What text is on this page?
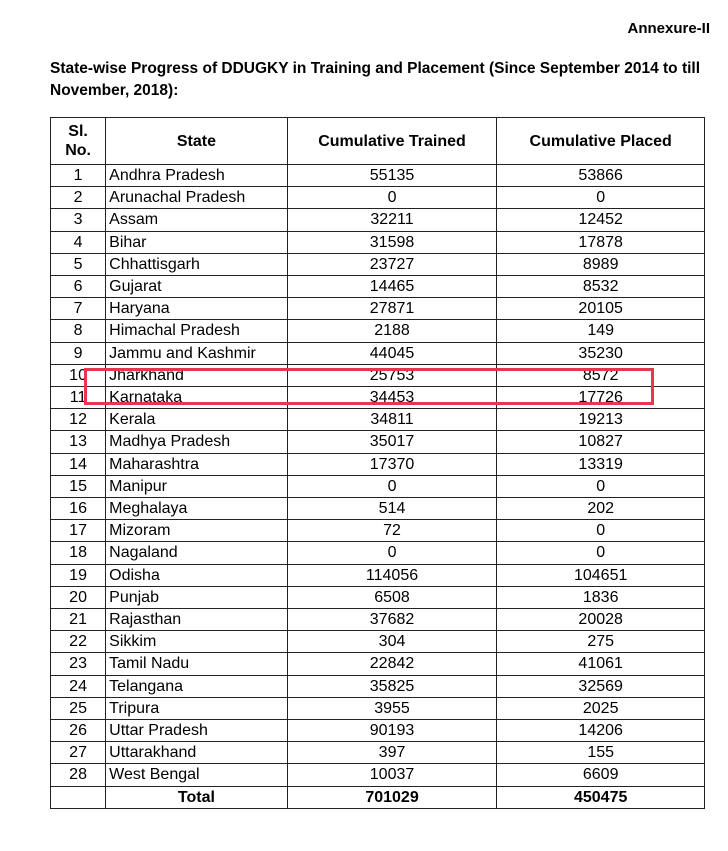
Annexure-II
State-wise Progress of DDUGKY in Training and Placement (Since September 2014 to till November, 2018):
Sl. No.	State	Cumulative Trained	Cumulative Placed
1	Andhra Pradesh	55135	53866
2	Arunachal Pradesh	0	0
3	Assam	32211	12452
4	Bihar	31598	17878
5	Chhattisgarh	23727	8989
6	Gujarat	14465	8532
7	Haryana	27871	20105
8	Himachal Pradesh	2188	149
9	Jammu and Kashmir	44045	35230
10	Jharkhand	25753	8572
11	Karnataka	34453	17726
12	Kerala	34811	19213
13	Madhya Pradesh	35017	10827
14	Maharashtra	17370	13319
15	Manipur	0	0
16	Meghalaya	514	202
17	Mizoram	72	0
18	Nagaland	0	0
19	Odisha	114056	104651
20	Punjab	6508	1836
21	Rajasthan	37682	20028
22	Sikkim	304	275
23	Tamil Nadu	22842	41061
24	Telangana	35825	32569
25	Tripura	3955	2025
26	Uttar Pradesh	90193	14206
27	Uttarakhand	397	155
28	West Bengal	10037	6609
	Total	701029	450475
